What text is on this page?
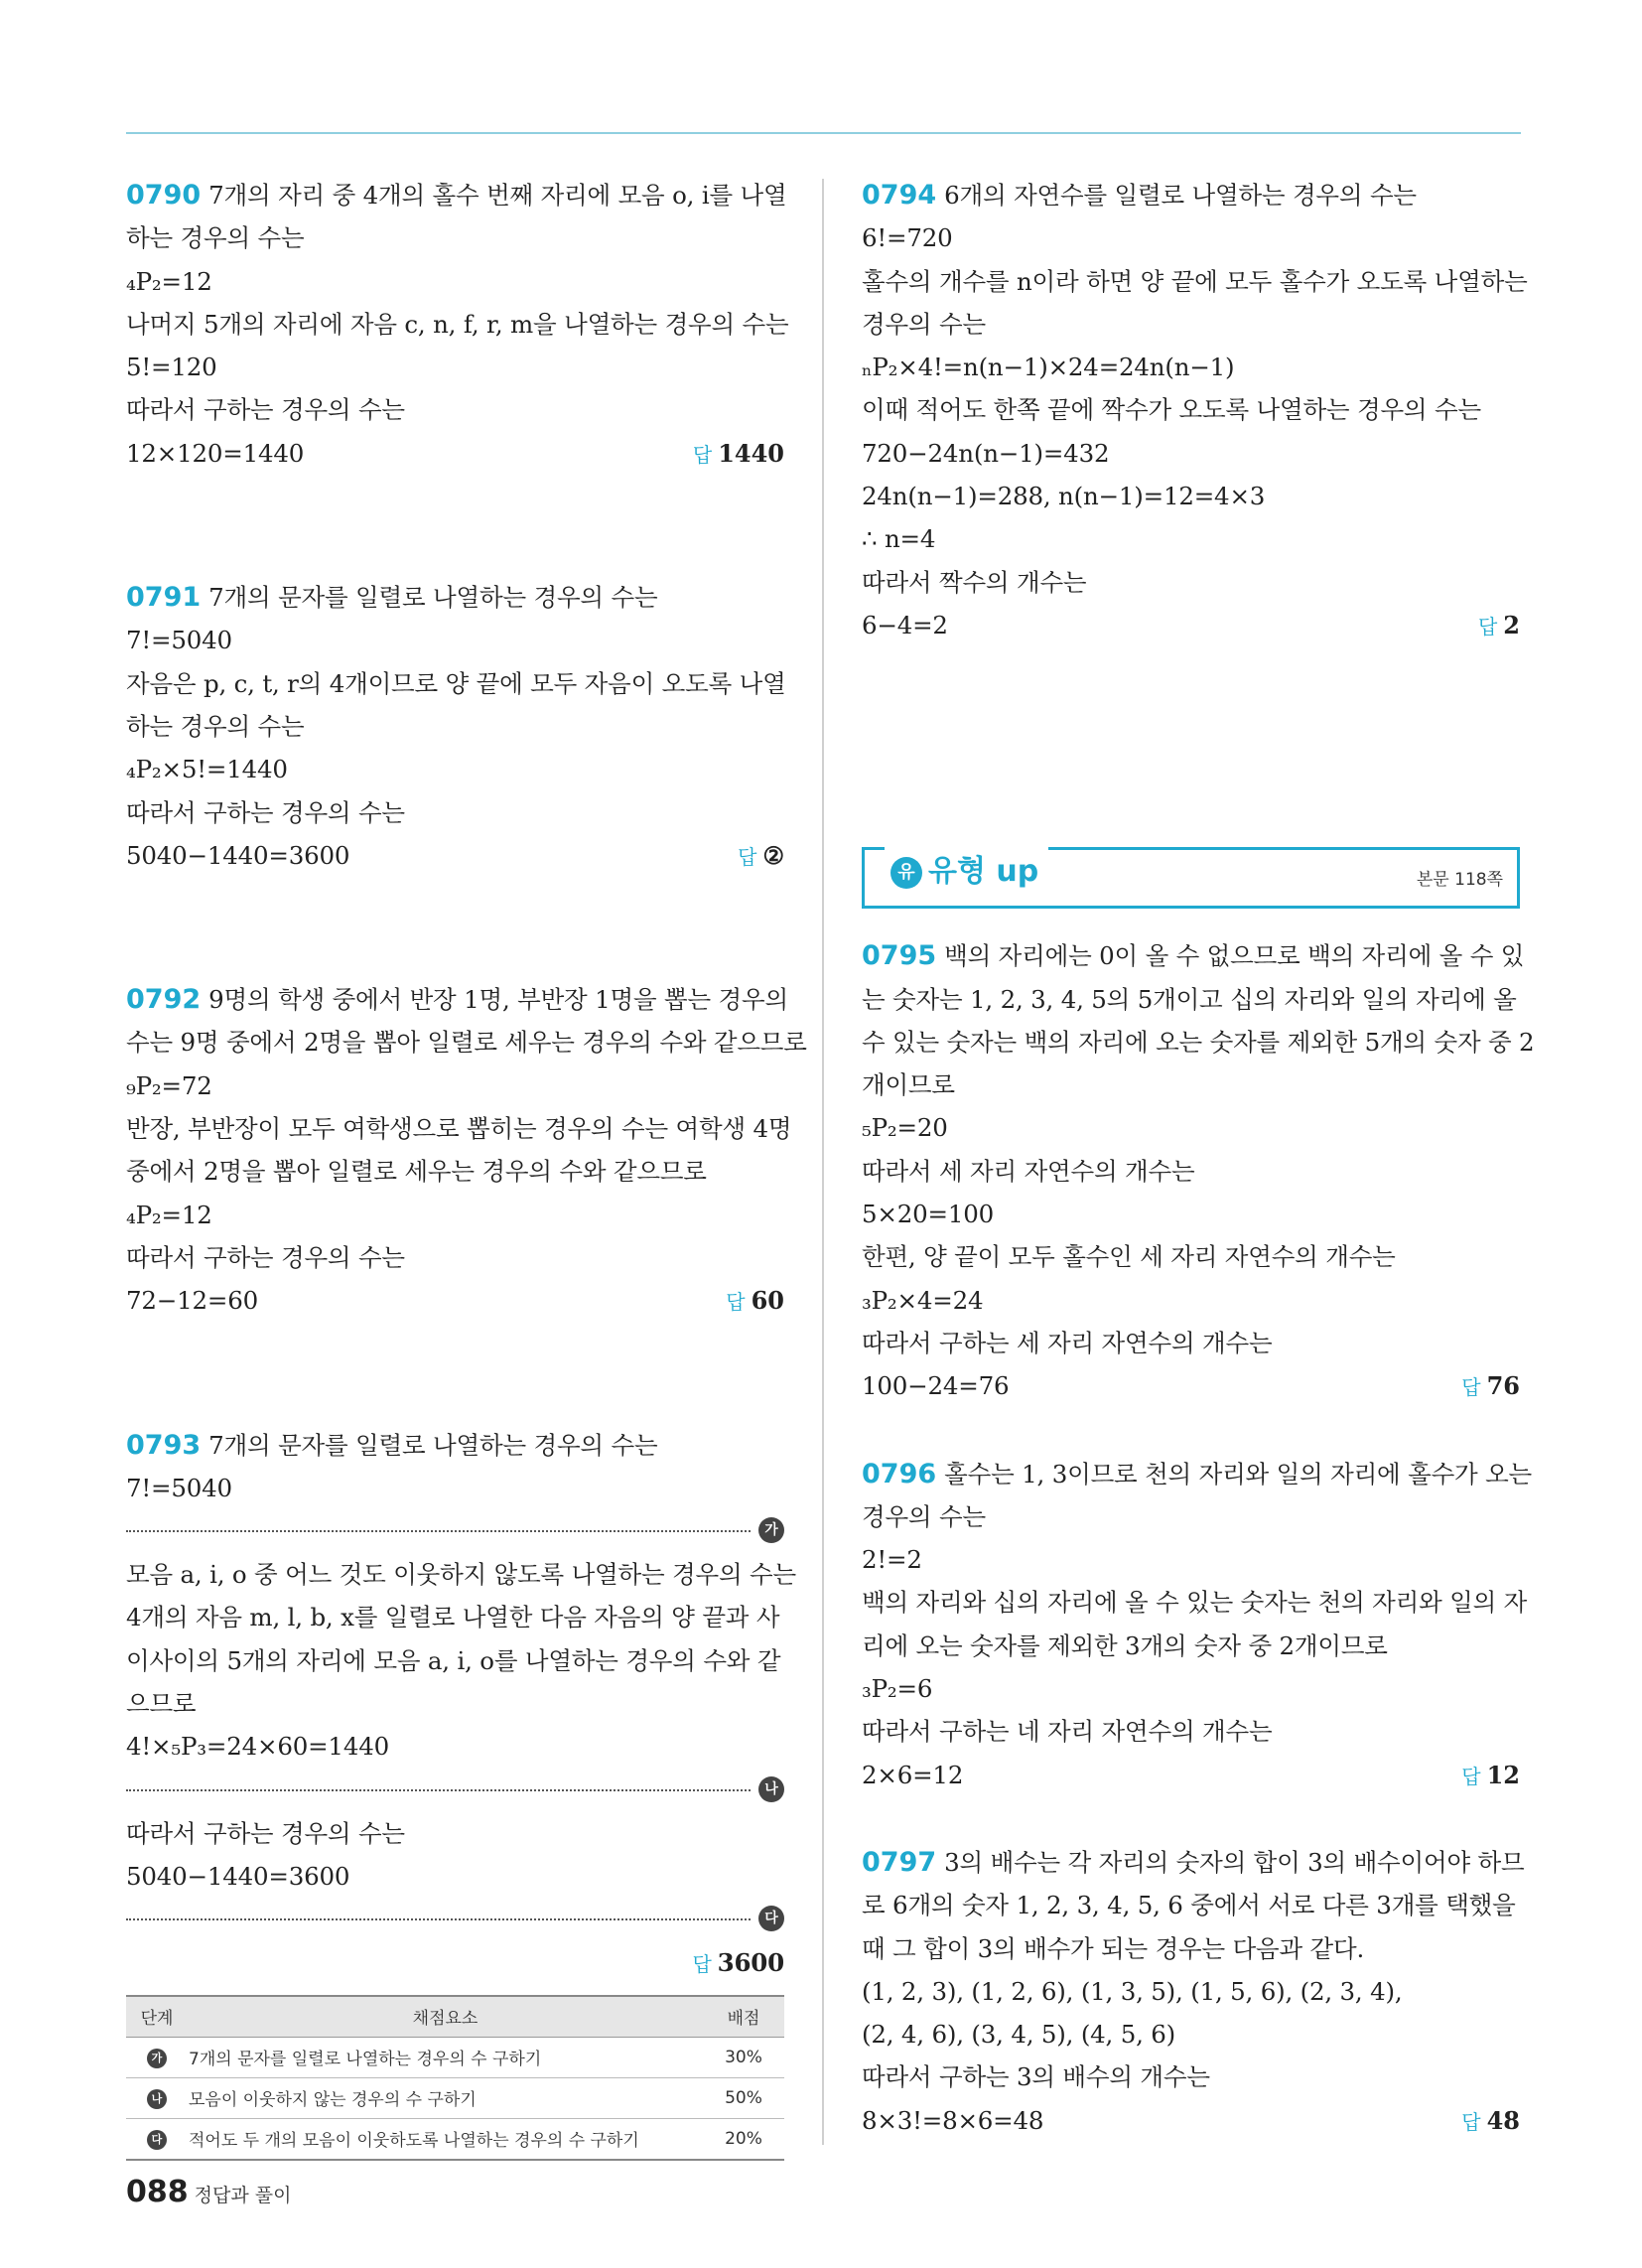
0790 7개의 자리 중 4개의 홀수 번째 자리에 모음 o, i를 나열
하는 경우의 수는
₄P₂=12
나머지 5개의 자리에 자음 c, n, f, r, m을 나열하는 경우의 수는
5!=120
따라서 구하는 경우의 수는
12×120=1440	답 1440
0791 7개의 문자를 일렬로 나열하는 경우의 수는
7!=5040
자음은 p, c, t, r의 4개이므로 양 끝에 모두 자음이 오도록 나열
하는 경우의 수는
₄P₂×5!=1440
따라서 구하는 경우의 수는
5040−1440=3600	답 ②
0792 9명의 학생 중에서 반장 1명, 부반장 1명을 뽑는 경우의
수는 9명 중에서 2명을 뽑아 일렬로 세우는 경우의 수와 같으므로
₉P₂=72
반장, 부반장이 모두 여학생으로 뽑히는 경우의 수는 여학생 4명
중에서 2명을 뽑아 일렬로 세우는 경우의 수와 같으므로
₄P₂=12
따라서 구하는 경우의 수는
72−12=60	답 60
0793 7개의 문자를 일렬로 나열하는 경우의 수는
7!=5040
가
모음 a, i, o 중 어느 것도 이웃하지 않도록 나열하는 경우의 수는
4개의 자음 m, l, b, x를 일렬로 나열한 다음 자음의 양 끝과 사
이사이의 5개의 자리에 모음 a, i, o를 나열하는 경우의 수와 같
으므로
4!×₅P₃=24×60=1440
나
따라서 구하는 경우의 수는
5040−1440=3600
다
답 3600
단계	채점요소	배점
가	7개의 문자를 일렬로 나열하는 경우의 수 구하기	30%
나	모음이 이웃하지 않는 경우의 수 구하기	50%
다	적어도 두 개의 모음이 이웃하도록 나열하는 경우의 수 구하기	20%
0794 6개의 자연수를 일렬로 나열하는 경우의 수는
6!=720
홀수의 개수를 n이라 하면 양 끝에 모두 홀수가 오도록 나열하는
경우의 수는
ₙP₂×4!=n(n−1)×24=24n(n−1)
이때 적어도 한쪽 끝에 짝수가 오도록 나열하는 경우의 수는
720−24n(n−1)=432
24n(n−1)=288, n(n−1)=12=4×3
∴ n=4
따라서 짝수의 개수는
6−4=2	답 2
유 유형 up	본문 118쪽
0795 백의 자리에는 0이 올 수 없으므로 백의 자리에 올 수 있
는 숫자는 1, 2, 3, 4, 5의 5개이고 십의 자리와 일의 자리에 올
수 있는 숫자는 백의 자리에 오는 숫자를 제외한 5개의 숫자 중 2
개이므로
₅P₂=20
따라서 세 자리 자연수의 개수는
5×20=100
한편, 양 끝이 모두 홀수인 세 자리 자연수의 개수는
₃P₂×4=24
따라서 구하는 세 자리 자연수의 개수는
100−24=76	답 76
0796 홀수는 1, 3이므로 천의 자리와 일의 자리에 홀수가 오는
경우의 수는
2!=2
백의 자리와 십의 자리에 올 수 있는 숫자는 천의 자리와 일의 자
리에 오는 숫자를 제외한 3개의 숫자 중 2개이므로
₃P₂=6
따라서 구하는 네 자리 자연수의 개수는
2×6=12	답 12
0797 3의 배수는 각 자리의 숫자의 합이 3의 배수이어야 하므
로 6개의 숫자 1, 2, 3, 4, 5, 6 중에서 서로 다른 3개를 택했을
때 그 합이 3의 배수가 되는 경우는 다음과 같다.
(1, 2, 3), (1, 2, 6), (1, 3, 5), (1, 5, 6), (2, 3, 4),
(2, 4, 6), (3, 4, 5), (4, 5, 6)
따라서 구하는 3의 배수의 개수는
8×3!=8×6=48	답 48
088 정답과 풀이
